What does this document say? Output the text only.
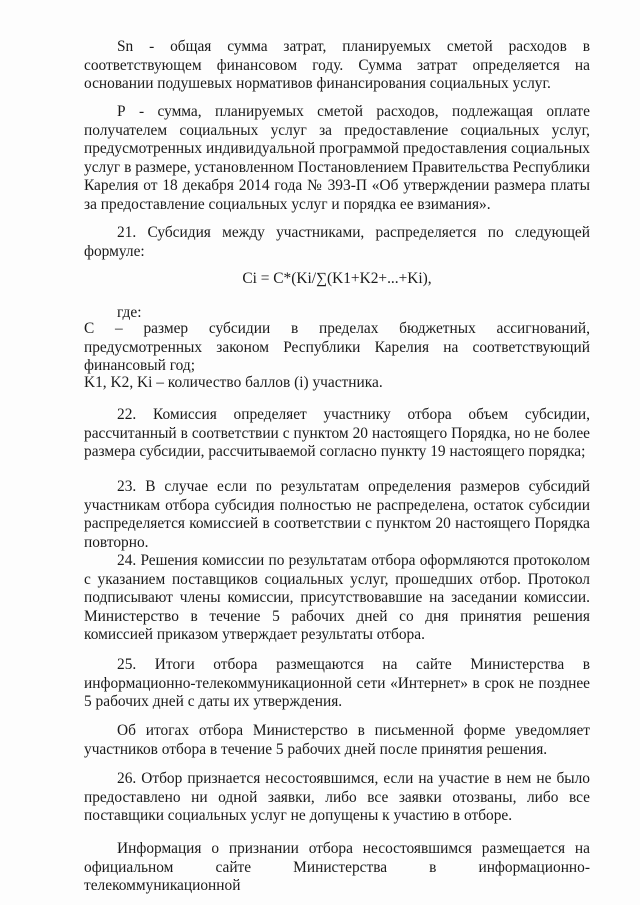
Sn - общая сумма затрат, планируемых сметой расходов в соответствующем финансовом году. Сумма затрат определяется на основании подушевых нормативов финансирования социальных услуг.

Р - сумма, планируемых сметой расходов, подлежащая оплате получателем социальных услуг за предоставление социальных услуг, предусмотренных индивидуальной программой предоставления социальных услуг в размере, установленном Постановлением Правительства Республики Карелия от 18 декабря 2014 года № 393-П «Об утверждении размера платы за предоставление социальных услуг и порядка ее взимания».

21. Субсидия между участниками, распределяется по следующей формуле:

Ci = C*(Ki/∑(K1+K2+...+Ki),
где:

С – размер субсидии в пределах бюджетных ассигнований, предусмотренных законом Республики Карелия на соответствующий финансовый год;

K1, K2, Ki – количество баллов (i) участника.

22. Комиссия определяет участнику отбора объем субсидии, рассчитанный в соответствии с пунктом 20 настоящего Порядка, но не более размера субсидии, рассчитываемой согласно пункту 19 настоящего порядка;

23. В случае если по результатам определения размеров субсидий участникам отбора субсидия полностью не распределена, остаток субсидии распределяется комиссией в соответствии с пунктом 20 настоящего Порядка повторно.

24. Решения комиссии по результатам отбора оформляются протоколом с указанием поставщиков социальных услуг, прошедших отбор. Протокол подписывают члены комиссии, присутствовавшие на заседании комиссии. Министерство в течение 5 рабочих дней со дня принятия решения комиссией приказом утверждает результаты отбора.

25. Итоги отбора размещаются на сайте Министерства в информационно-телекоммуникационной сети «Интернет» в срок не позднее 5 рабочих дней с даты их утверждения.

Об итогах отбора Министерство в письменной форме уведомляет участников отбора в течение 5 рабочих дней после принятия решения.

26. Отбор признается несостоявшимся, если на участие в нем не было предоставлено ни одной заявки, либо все заявки отозваны, либо все поставщики социальных услуг не допущены к участию в отборе.

Информация о признании отбора несостоявшимся размещается на официальном сайте Министерства в информационно-телекоммуникационной
